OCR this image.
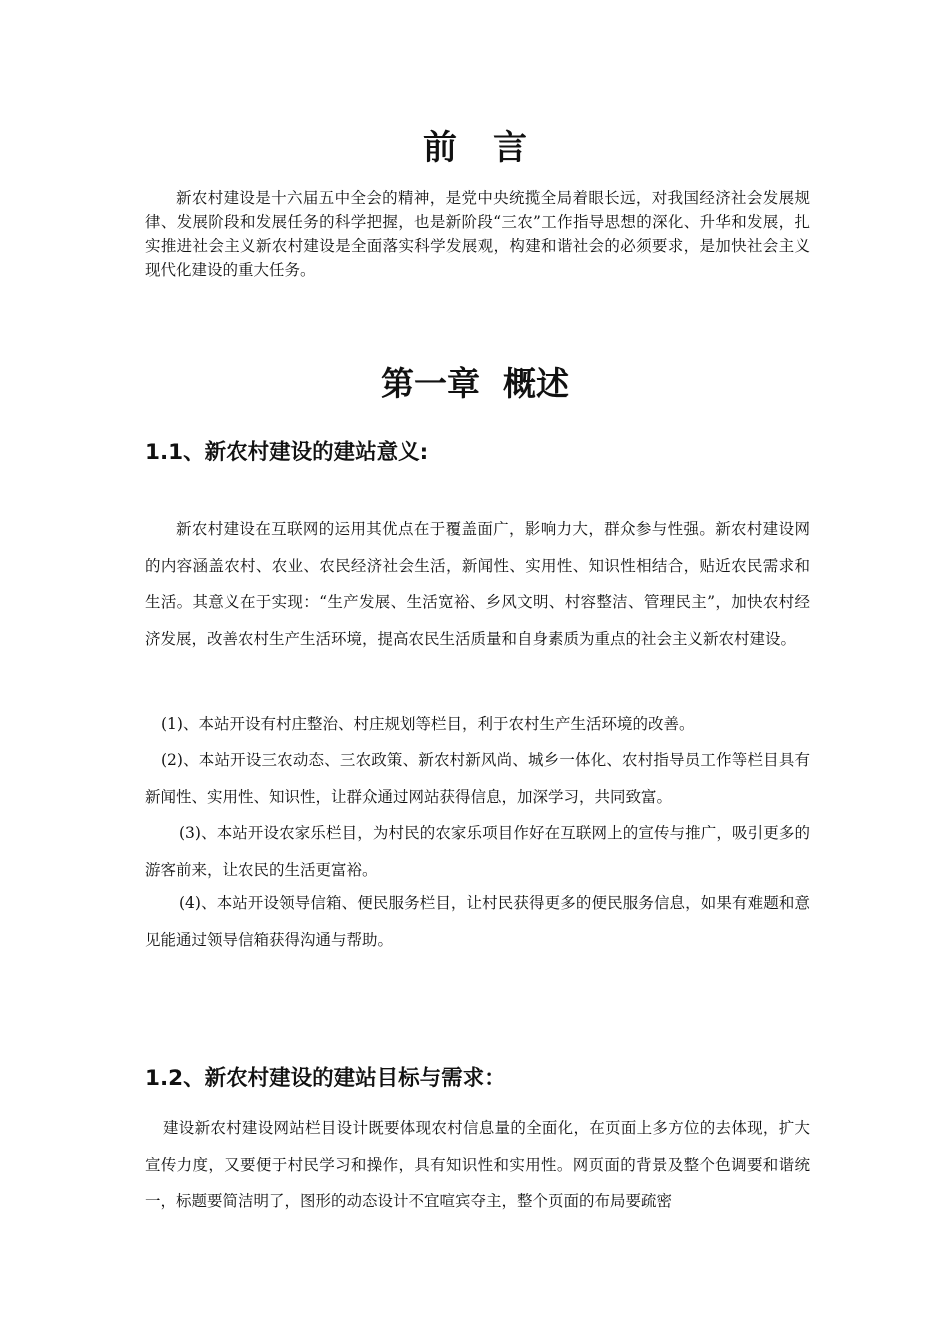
前言
新农村建设是十六届五中全会的精神，是党中央统揽全局着眼长远，对我国经济社会发展规律、发展阶段和发展任务的科学把握，也是新阶段“三农”工作指导思想的深化、升华和发展，扎实推进社会主义新农村建设是全面落实科学发展观，构建和谐社会的必须要求，是加快社会主义现代化建设的重大任务。
第一章  概述
1.1、新农村建设的建站意义:
新农村建设在互联网的运用其优点在于覆盖面广，影响力大，群众参与性强。新农村建设网的内容涵盖农村、农业、农民经济社会生活，新闻性、实用性、知识性相结合，贴近农民需求和生活。其意义在于实现：“生产发展、生活宽裕、乡风文明、村容整洁、管理民主”，加快农村经济发展，改善农村生产生活环境，提高农民生活质量和自身素质为重点的社会主义新农村建设。
(1)、本站开设有村庄整治、村庄规划等栏目，利于农村生产生活环境的改善。
(2)、本站开设三农动态、三农政策、新农村新风尚、城乡一体化、农村指导员工作等栏目具有新闻性、实用性、知识性，让群众通过网站获得信息，加深学习，共同致富。
(3)、本站开设农家乐栏目，为村民的农家乐项目作好在互联网上的宣传与推广，吸引更多的游客前来，让农民的生活更富裕。
(4)、本站开设领导信箱、便民服务栏目，让村民获得更多的便民服务信息，如果有难题和意见能通过领导信箱获得沟通与帮助。
1.2、新农村建设的建站目标与需求：
建设新农村建设网站栏目设计既要体现农村信息量的全面化，在页面上多方位的去体现，扩大宣传力度，又要便于村民学习和操作，具有知识性和实用性。网页面的背景及整个色调要和谐统一，标题要简洁明了，图形的动态设计不宜喧宾夺主，整个页面的布局要疏密
